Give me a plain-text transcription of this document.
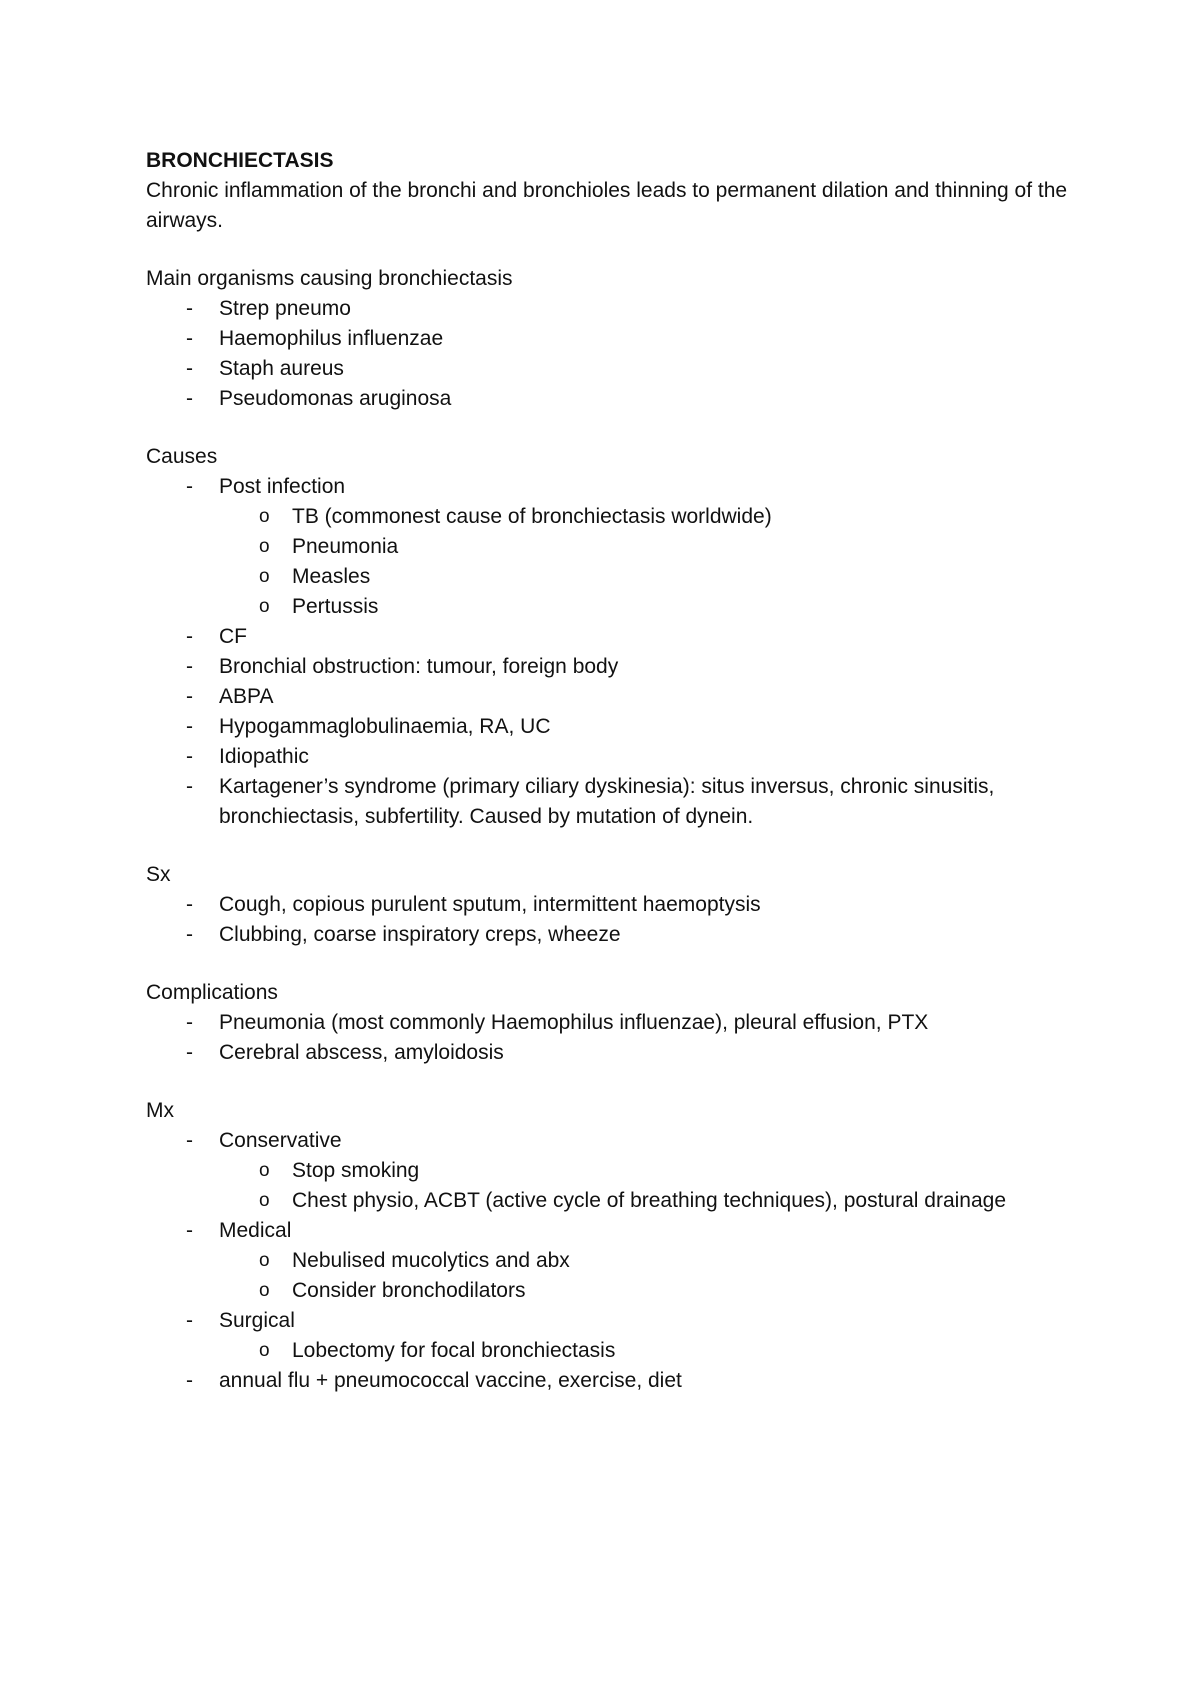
BRONCHIECTASIS

Chronic inflammation of the bronchi and bronchioles leads to permanent dilation and thinning of the airways.

Main organisms causing bronchiectasis

- Strep pneumo
- Haemophilus influenzae
- Staph aureus
- Pseudomonas aruginosa

Causes

- Post infection
o TB (commonest cause of bronchiectasis worldwide)
o Pneumonia
o Measles
o Pertussis
- CF
- Bronchial obstruction: tumour, foreign body
- ABPA
- Hypogammaglobulinaemia, RA, UC
- Idiopathic
- Kartagener’s syndrome (primary ciliary dyskinesia): situs inversus, chronic sinusitis, bronchiectasis, subfertility. Caused by mutation of dynein.

Sx

- Cough, copious purulent sputum, intermittent haemoptysis
- Clubbing, coarse inspiratory creps, wheeze

Complications

- Pneumonia (most commonly Haemophilus influenzae), pleural effusion, PTX
- Cerebral abscess, amyloidosis

Mx

- Conservative
o Stop smoking
o Chest physio, ACBT (active cycle of breathing techniques), postural drainage
- Medical
o Nebulised mucolytics and abx
o Consider bronchodilators
- Surgical
o Lobectomy for focal bronchiectasis
- annual flu + pneumococcal vaccine, exercise, diet
